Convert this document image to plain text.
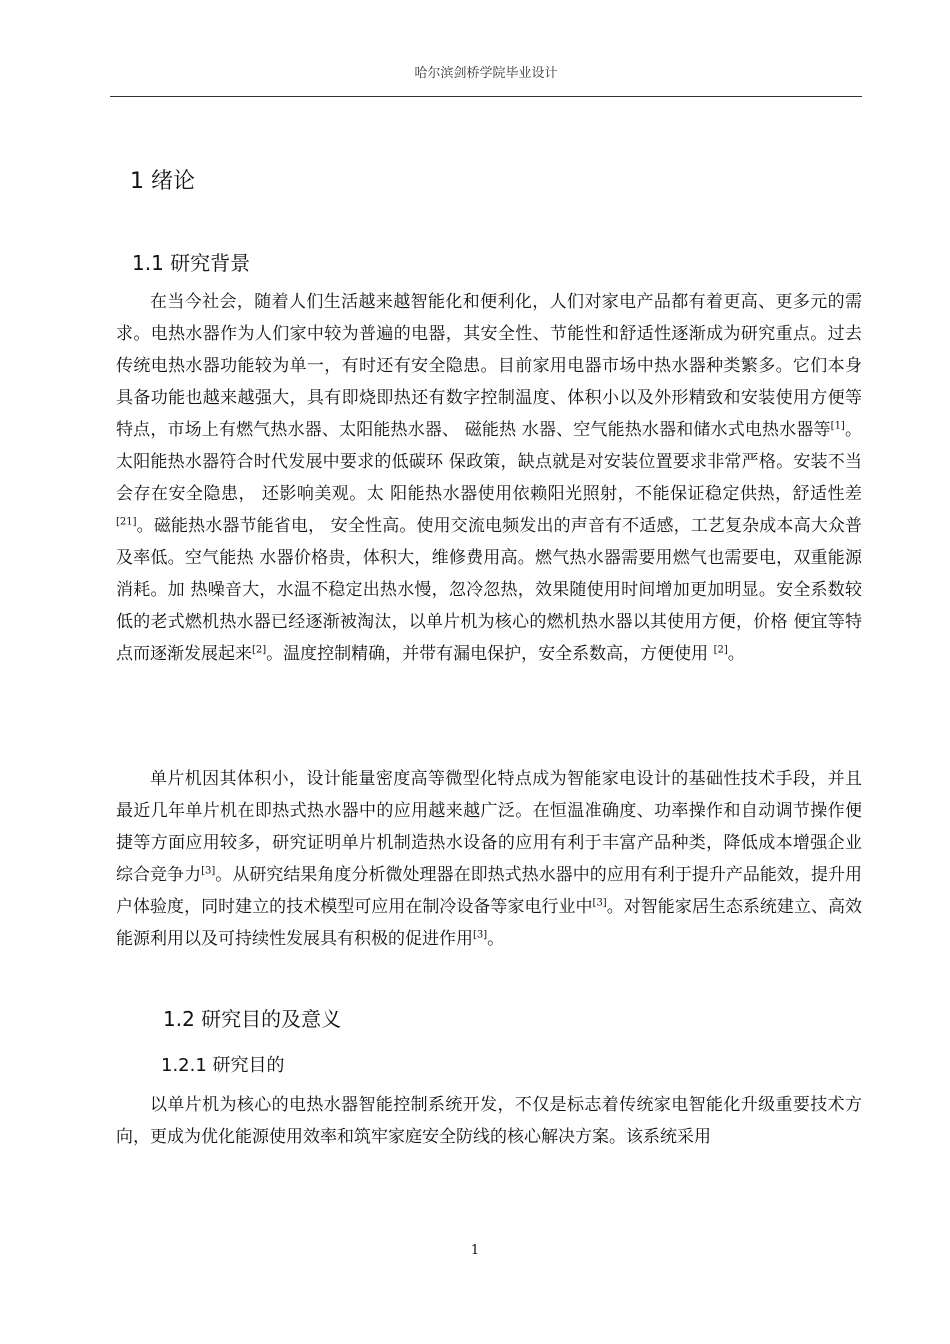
哈尔滨剑桥学院毕业设计
1 绪论
1.1 研究背景

在当今社会，随着人们生活越来越智能化和便利化，人们对家电产品都有着更高、更多元的需求。电热水器作为人们家中较为普遍的电器，其安全性、节能性和舒适性逐渐成为研究重点。过去传统电热水器功能较为单一，有时还有安全隐患。目前家用电器市场中热水器种类繁多。它们本身具备功能也越来越强大，具有即烧即热还有数字控制温度、体积小以及外形精致和安装使用方便等特点，市场上有燃气热水器、太阳能热水器、 磁能热 水器、空气能热水器和储水式电热水器等[1]。太阳能热水器符合时代发展中要求的低碳环 保政策，缺点就是对安装位置要求非常严格。安装不当会存在安全隐患， 还影响美观。太 阳能热水器使用依赖阳光照射，不能保证稳定供热，舒适性差[21]。磁能热水器节能省电， 安全性高。使用交流电频发出的声音有不适感，工艺复杂成本高大众普及率低。空气能热 水器价格贵，体积大，维修费用高。燃气热水器需要用燃气也需要电，双重能源消耗。加 热噪音大，水温不稳定出热水慢，忽冷忽热，效果随使用时间增加更加明显。安全系数较 低的老式燃机热水器已经逐渐被淘汰，以单片机为核心的燃机热水器以其使用方便，价格 便宜等特点而逐渐发展起来[2]。温度控制精确，并带有漏电保护，安全系数高，方便使用 [2]。

单片机因其体积小，设计能量密度高等微型化特点成为智能家电设计的基础性技术手段，并且最近几年单片机在即热式热水器中的应用越来越广泛。在恒温准确度、功率操作和自动调节操作便捷等方面应用较多，研究证明单片机制造热水设备的应用有利于丰富产品种类，降低成本增强企业综合竞争力[3]。从研究结果角度分析微处理器在即热式热水器中的应用有利于提升产品能效，提升用户体验度，同时建立的技术模型可应用在制冷设备等家电行业中[3]。对智能家居生态系统建立、高效能源利用以及可持续性发展具有积极的促进作用[3]。

1.2 研究目的及意义
1.2.1 研究目的

以单片机为核心的电热水器智能控制系统开发，不仅是标志着传统家电智能化升级重要技术方向，更成为优化能源使用效率和筑牢家庭安全防线的核心解决方案。该系统采用

1
